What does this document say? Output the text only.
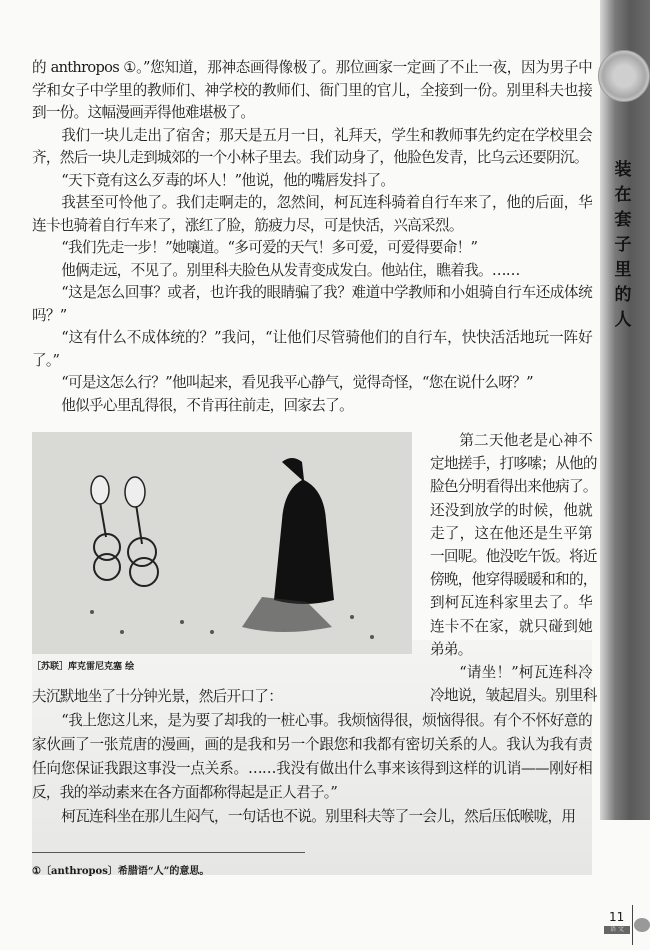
装
在
套
子
里
的
人
的 anthropos ①。”您知道，那神态画得像极了。那位画家一定画了不止一夜，因为男子中
学和女子中学里的教师们、神学校的教师们、衙门里的官儿，全接到一份。别里科夫也接
到一份。这幅漫画弄得他难堪极了。
我们一块儿走出了宿舍；那天是五月一日，礼拜天，学生和教师事先约定在学校里会
齐，然后一块儿走到城郊的一个小林子里去。我们动身了，他脸色发青，比乌云还要阴沉。
“天下竟有这么歹毒的坏人！”他说，他的嘴唇发抖了。
我甚至可怜他了。我们走啊走的，忽然间，柯瓦连科骑着自行车来了，他的后面，华
连卡也骑着自行车来了，涨红了脸，筋疲力尽，可是快活，兴高采烈。
“我们先走一步！”她嚷道。“多可爱的天气！多可爱，可爱得要命！”
他俩走远，不见了。别里科夫脸色从发青变成发白。他站住，瞧着我。……
“这是怎么回事？或者，也许我的眼睛骗了我？难道中学教师和小姐骑自行车还成体统
吗？”
“这有什么不成体统的？”我问，“让他们尽管骑他们的自行车，快快活活地玩一阵好
了。”
“可是这怎么行？”他叫起来，看见我平心静气，觉得奇怪，“您在说什么呀？”
他似乎心里乱得很，不肯再往前走，回家去了。
［苏联］库克雷尼克塞 绘
第二天他老是心神不
定地搓手，打哆嗦；从他的
脸色分明看得出来他病了。
还没到放学的时候，他就
走了，这在他还是生平第
一回呢。他没吃午饭。将近
傍晚，他穿得暖暖和和的，
到柯瓦连科家里去了。华
连卡不在家，就只碰到她
弟弟。
“请坐！”柯瓦连科冷
冷地说，皱起眉头。别里科
夫沉默地坐了十分钟光景，然后开口了：
“我上您这儿来，是为要了却我的一桩心事。我烦恼得很，烦恼得很。有个不怀好意的
家伙画了一张荒唐的漫画，画的是我和另一个跟您和我都有密切关系的人。我认为我有责
任向您保证我跟这事没一点关系。……我没有做出什么事来该得到这样的讥诮——刚好相
反，我的举动素来在各方面都称得起是正人君子。”
柯瓦连科坐在那儿生闷气，一句话也不说。别里科夫等了一会儿，然后压低喉咙，用
①〔anthropos〕希腊语“人”的意思。
11
语 文
